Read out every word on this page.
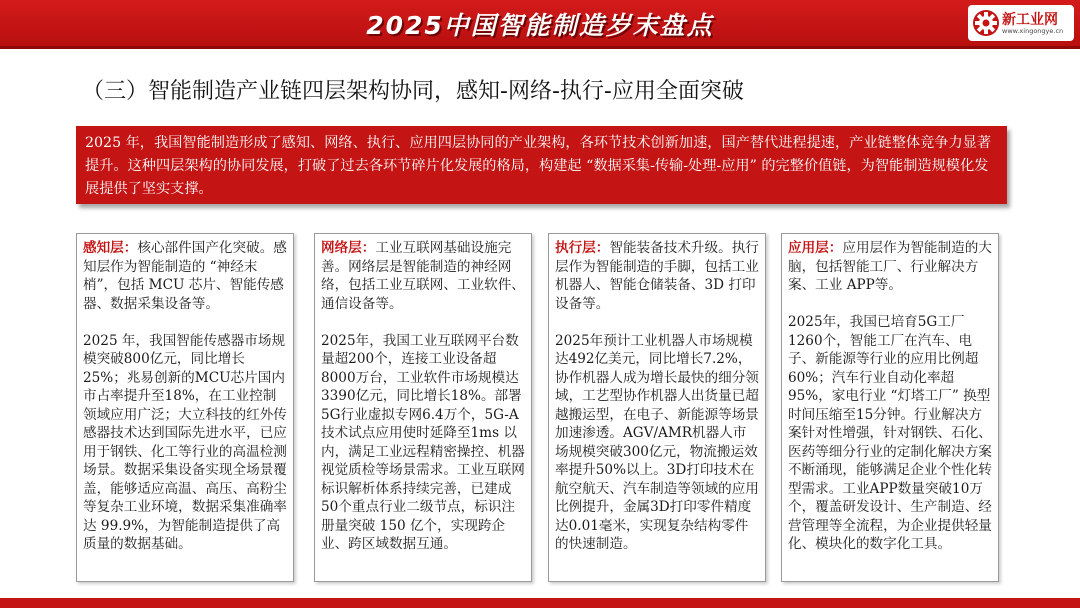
2025中国智能制造岁末盘点	新工业网
www.xingongye.cn
（三）智能制造产业链四层架构协同，感知-网络-执行-应用全面突破
2025 年，我国智能制造形成了感知、网络、执行、应用四层协同的产业架构，各环节技术创新加速，国产替代进程提速，产业链整体竞争力显著提升。这种四层架构的协同发展，打破了过去各环节碎片化发展的格局，构建起 “数据采集-传输-处理-应用” 的完整价值链，为智能制造规模化发展提供了坚实支撑。

感知层：核心部件国产化突破。感知层作为智能制造的 “神经末梢”，包括 MCU 芯片、智能传感器、数据采集设备等。

2025 年，我国智能传感器市场规模突破800亿元，同比增长25%；兆易创新的MCU芯片国内市占率提升至18%，在工业控制领域应用广泛；大立科技的红外传感器技术达到国际先进水平，已应用于钢铁、化工等行业的高温检测场景。数据采集设备实现全场景覆盖，能够适应高温、高压、高粉尘等复杂工业环境，数据采集准确率达 99.9%，为智能制造提供了高质量的数据基础。

网络层：工业互联网基础设施完善。网络层是智能制造的神经网络，包括工业互联网、工业软件、通信设备等。

2025年，我国工业互联网平台数量超200个，连接工业设备超8000万台，工业软件市场规模达3390亿元，同比增长18%。部署5G行业虚拟专网6.4万个，5G-A技术试点应用使时延降至1ms 以内，满足工业远程精密操控、机器视觉质检等场景需求。工业互联网标识解析体系持续完善，已建成50个重点行业二级节点，标识注册量突破 150 亿个，实现跨企业、跨区域数据互通。

执行层：智能装备技术升级。执行层作为智能制造的手脚，包括工业机器人、智能仓储装备、3D 打印设备等。

2025年预计工业机器人市场规模达492亿美元，同比增长7.2%，协作机器人成为增长最快的细分领域，工艺型协作机器人出货量已超越搬运型，在电子、新能源等场景加速渗透。AGV/AMR机器人市场规模突破300亿元，物流搬运效率提升50%以上。3D打印技术在航空航天、汽车制造等领域的应用比例提升，金属3D打印零件精度达0.01毫米，实现复杂结构零件的快速制造。

应用层：应用层作为智能制造的大脑，包括智能工厂、行业解决方案、工业 APP等。

2025年，我国已培育5G工厂1260个，智能工厂在汽车、电子、新能源等行业的应用比例超60%；汽车行业自动化率超95%，家电行业 “灯塔工厂” 换型时间压缩至15分钟。行业解决方案针对性增强，针对钢铁、石化、医药等细分行业的定制化解决方案不断涌现，能够满足企业个性化转型需求。工业APP数量突破10万个，覆盖研发设计、生产制造、经营管理等全流程，为企业提供轻量化、模块化的数字化工具。
